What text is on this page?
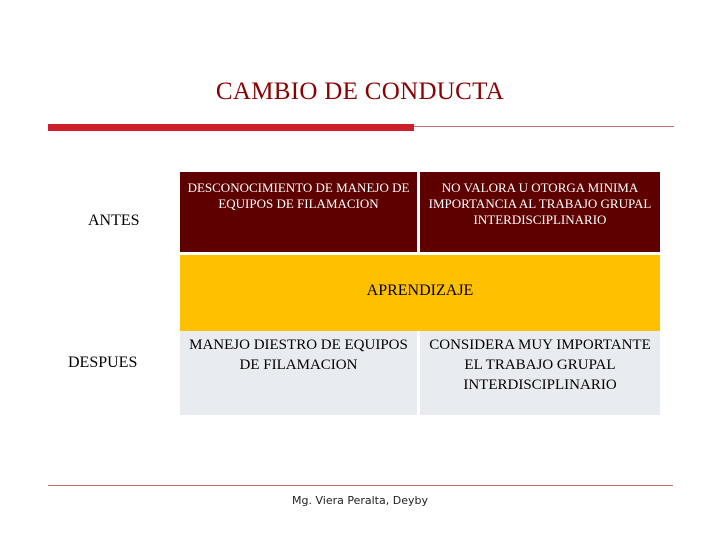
CAMBIO DE CONDUCTA
ANTES
DESPUES
DESCONOCIMIENTO DE MANEJO DE EQUIPOS DE FILAMACION
NO VALORA U OTORGA MINIMA IMPORTANCIA AL TRABAJO GRUPAL INTERDISCIPLINARIO
APRENDIZAJE
MANEJO DIESTRO DE EQUIPOS DE FILAMACION
CONSIDERA MUY IMPORTANTE EL TRABAJO GRUPAL INTERDISCIPLINARIO
Mg. Viera Peralta, Deyby
